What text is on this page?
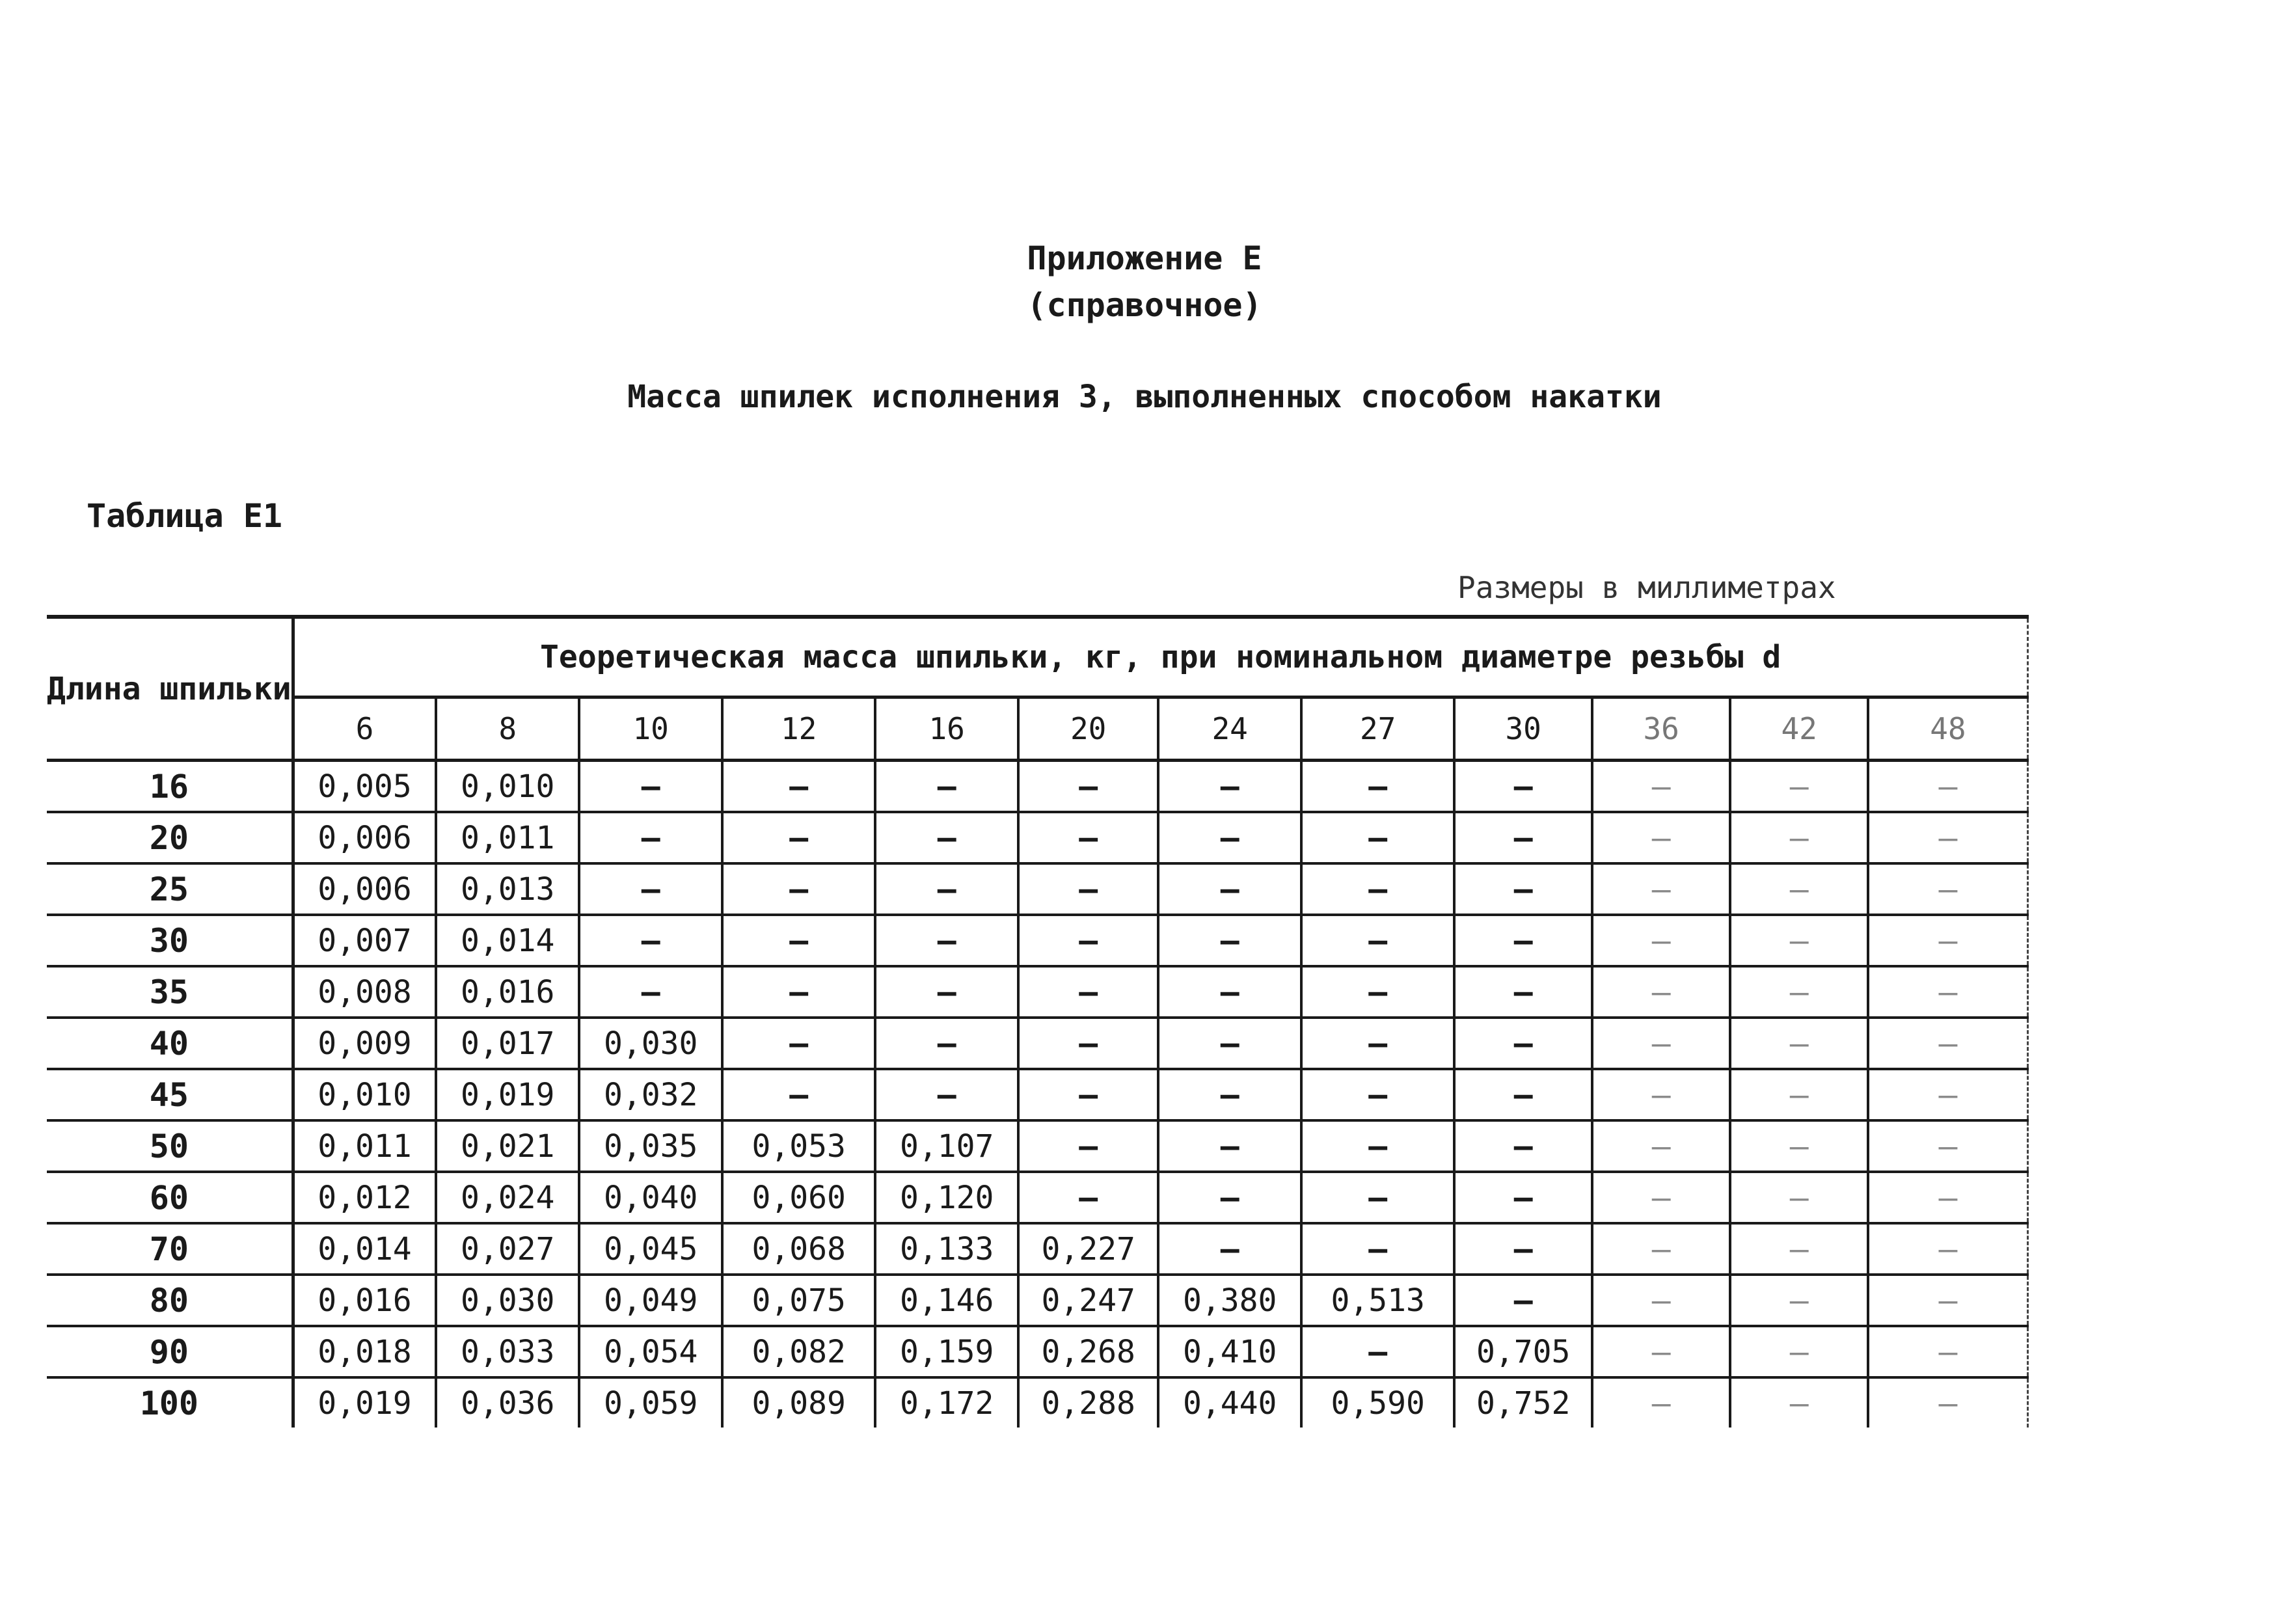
Приложение Е
(справочное)
Масса шпилек исполнения 3, выполненных способом накатки
Таблица Е1
Размеры в миллиметрах
Длина шпильки	Теоретическая масса шпильки, кг, при номинальном диаметре резьбы d											
	6	8	10	12	16	20	24	27	30	36	42	48
16	0,005	0,010	–	–	–	–	–	–	–	–	–	–
20	0,006	0,011	–	–	–	–	–	–	–	–	–	–
25	0,006	0,013	–	–	–	–	–	–	–	–	–	–
30	0,007	0,014	–	–	–	–	–	–	–	–	–	–
35	0,008	0,016	–	–	–	–	–	–	–	–	–	–
40	0,009	0,017	0,030	–	–	–	–	–	–	–	–	–
45	0,010	0,019	0,032	–	–	–	–	–	–	–	–	–
50	0,011	0,021	0,035	0,053	0,107	–	–	–	–	–	–	–
60	0,012	0,024	0,040	0,060	0,120	–	–	–	–	–	–	–
70	0,014	0,027	0,045	0,068	0,133	0,227	–	–	–	–	–	–
80	0,016	0,030	0,049	0,075	0,146	0,247	0,380	0,513	–	–	–	–
90	0,018	0,033	0,054	0,082	0,159	0,268	0,410	–	0,705	–	–	–
100	0,019	0,036	0,059	0,089	0,172	0,288	0,440	0,590	0,752	–	–	–
